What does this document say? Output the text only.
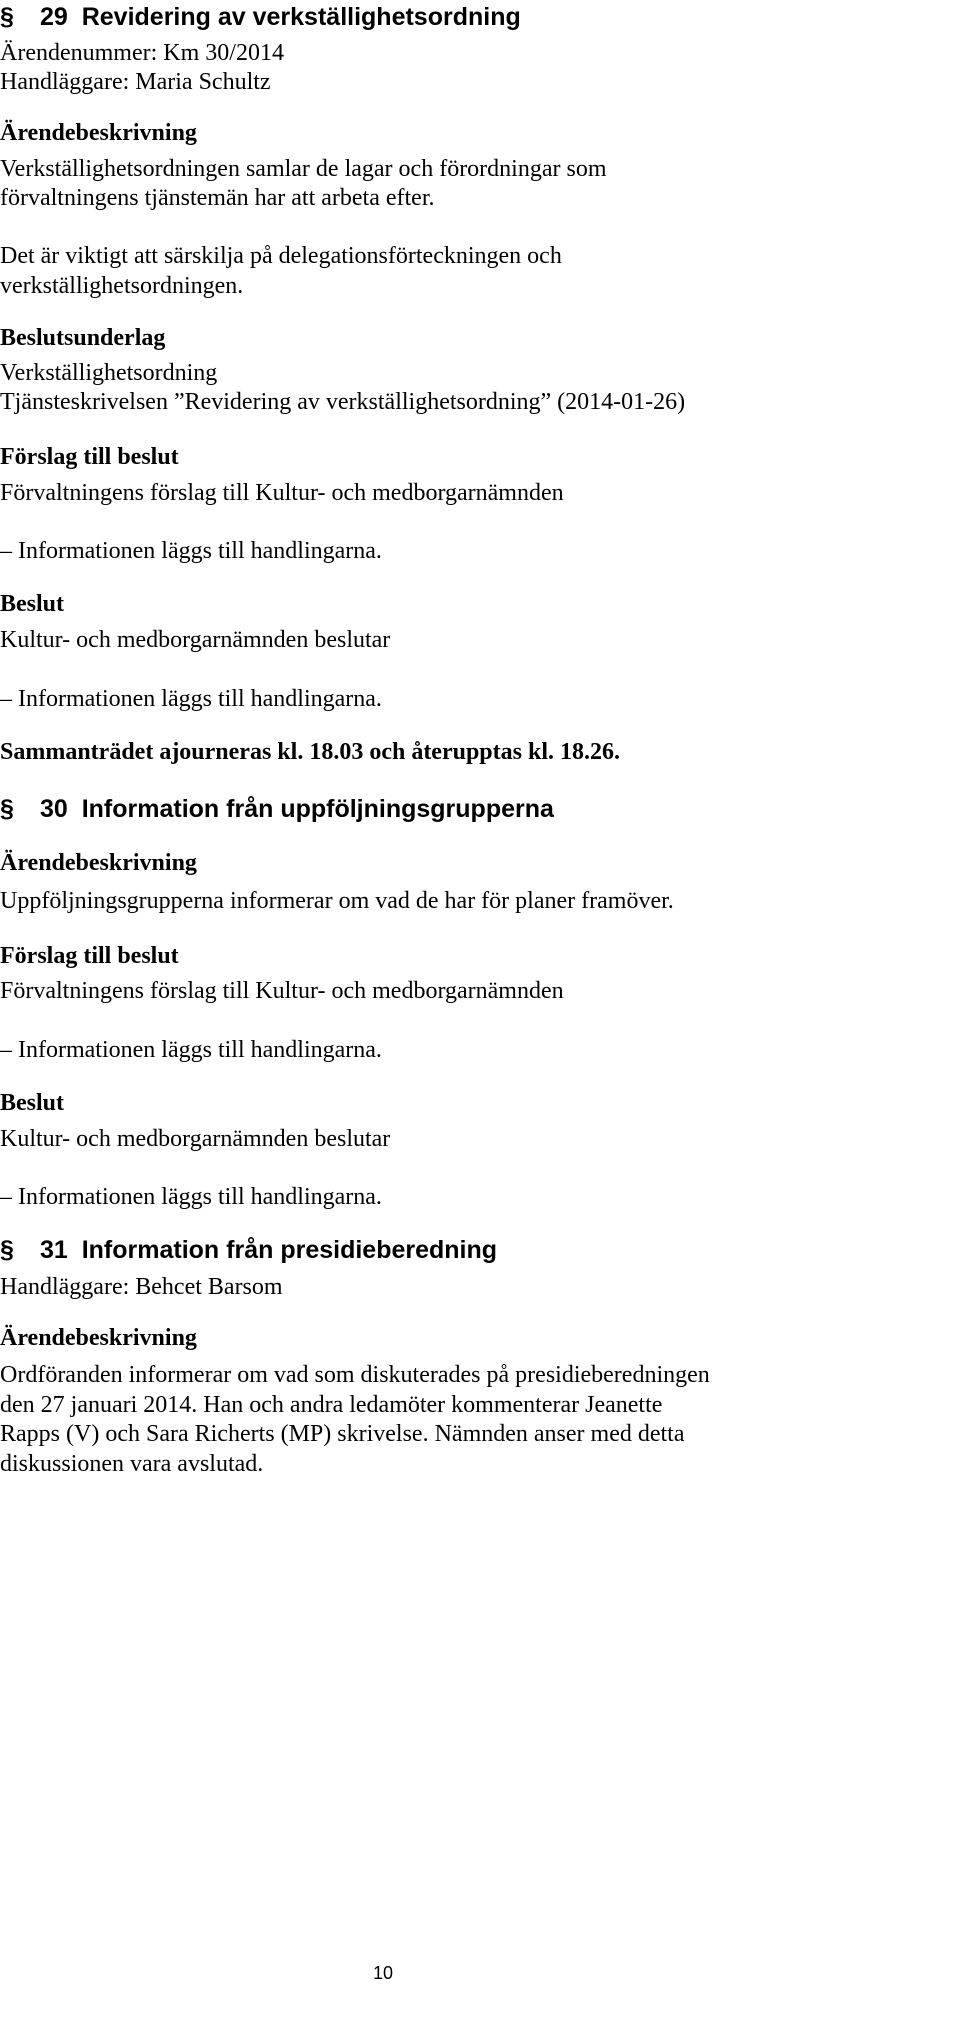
§ 29 Revidering av verkställighetsordning
Ärendenummer: Km 30/2014
Handläggare: Maria Schultz
Ärendebeskrivning
Verkställighetsordningen samlar de lagar och förordningar som
förvaltningens tjänstemän har att arbeta efter.
Det är viktigt att särskilja på delegationsförteckningen och
verkställighetsordningen.
Beslutsunderlag
Verkställighetsordning
Tjänsteskrivelsen ”Revidering av verkställighetsordning” (2014-01-26)
Förslag till beslut
Förvaltningens förslag till Kultur- och medborgarnämnden
– Informationen läggs till handlingarna.
Beslut
Kultur- och medborgarnämnden beslutar
– Informationen läggs till handlingarna.
Sammanträdet ajourneras kl. 18.03 och återupptas kl. 18.26.
§ 30 Information från uppföljningsgrupperna
Ärendebeskrivning
Uppföljningsgrupperna informerar om vad de har för planer framöver.
Förslag till beslut
Förvaltningens förslag till Kultur- och medborgarnämnden
– Informationen läggs till handlingarna.
Beslut
Kultur- och medborgarnämnden beslutar
– Informationen läggs till handlingarna.
§ 31 Information från presidieberedning
Handläggare: Behcet Barsom
Ärendebeskrivning
Ordföranden informerar om vad som diskuterades på presidieberedningen
den 27 januari 2014. Han och andra ledamöter kommenterar Jeanette
Rapps (V) och Sara Richerts (MP) skrivelse. Nämnden anser med detta
diskussionen vara avslutad.
10
